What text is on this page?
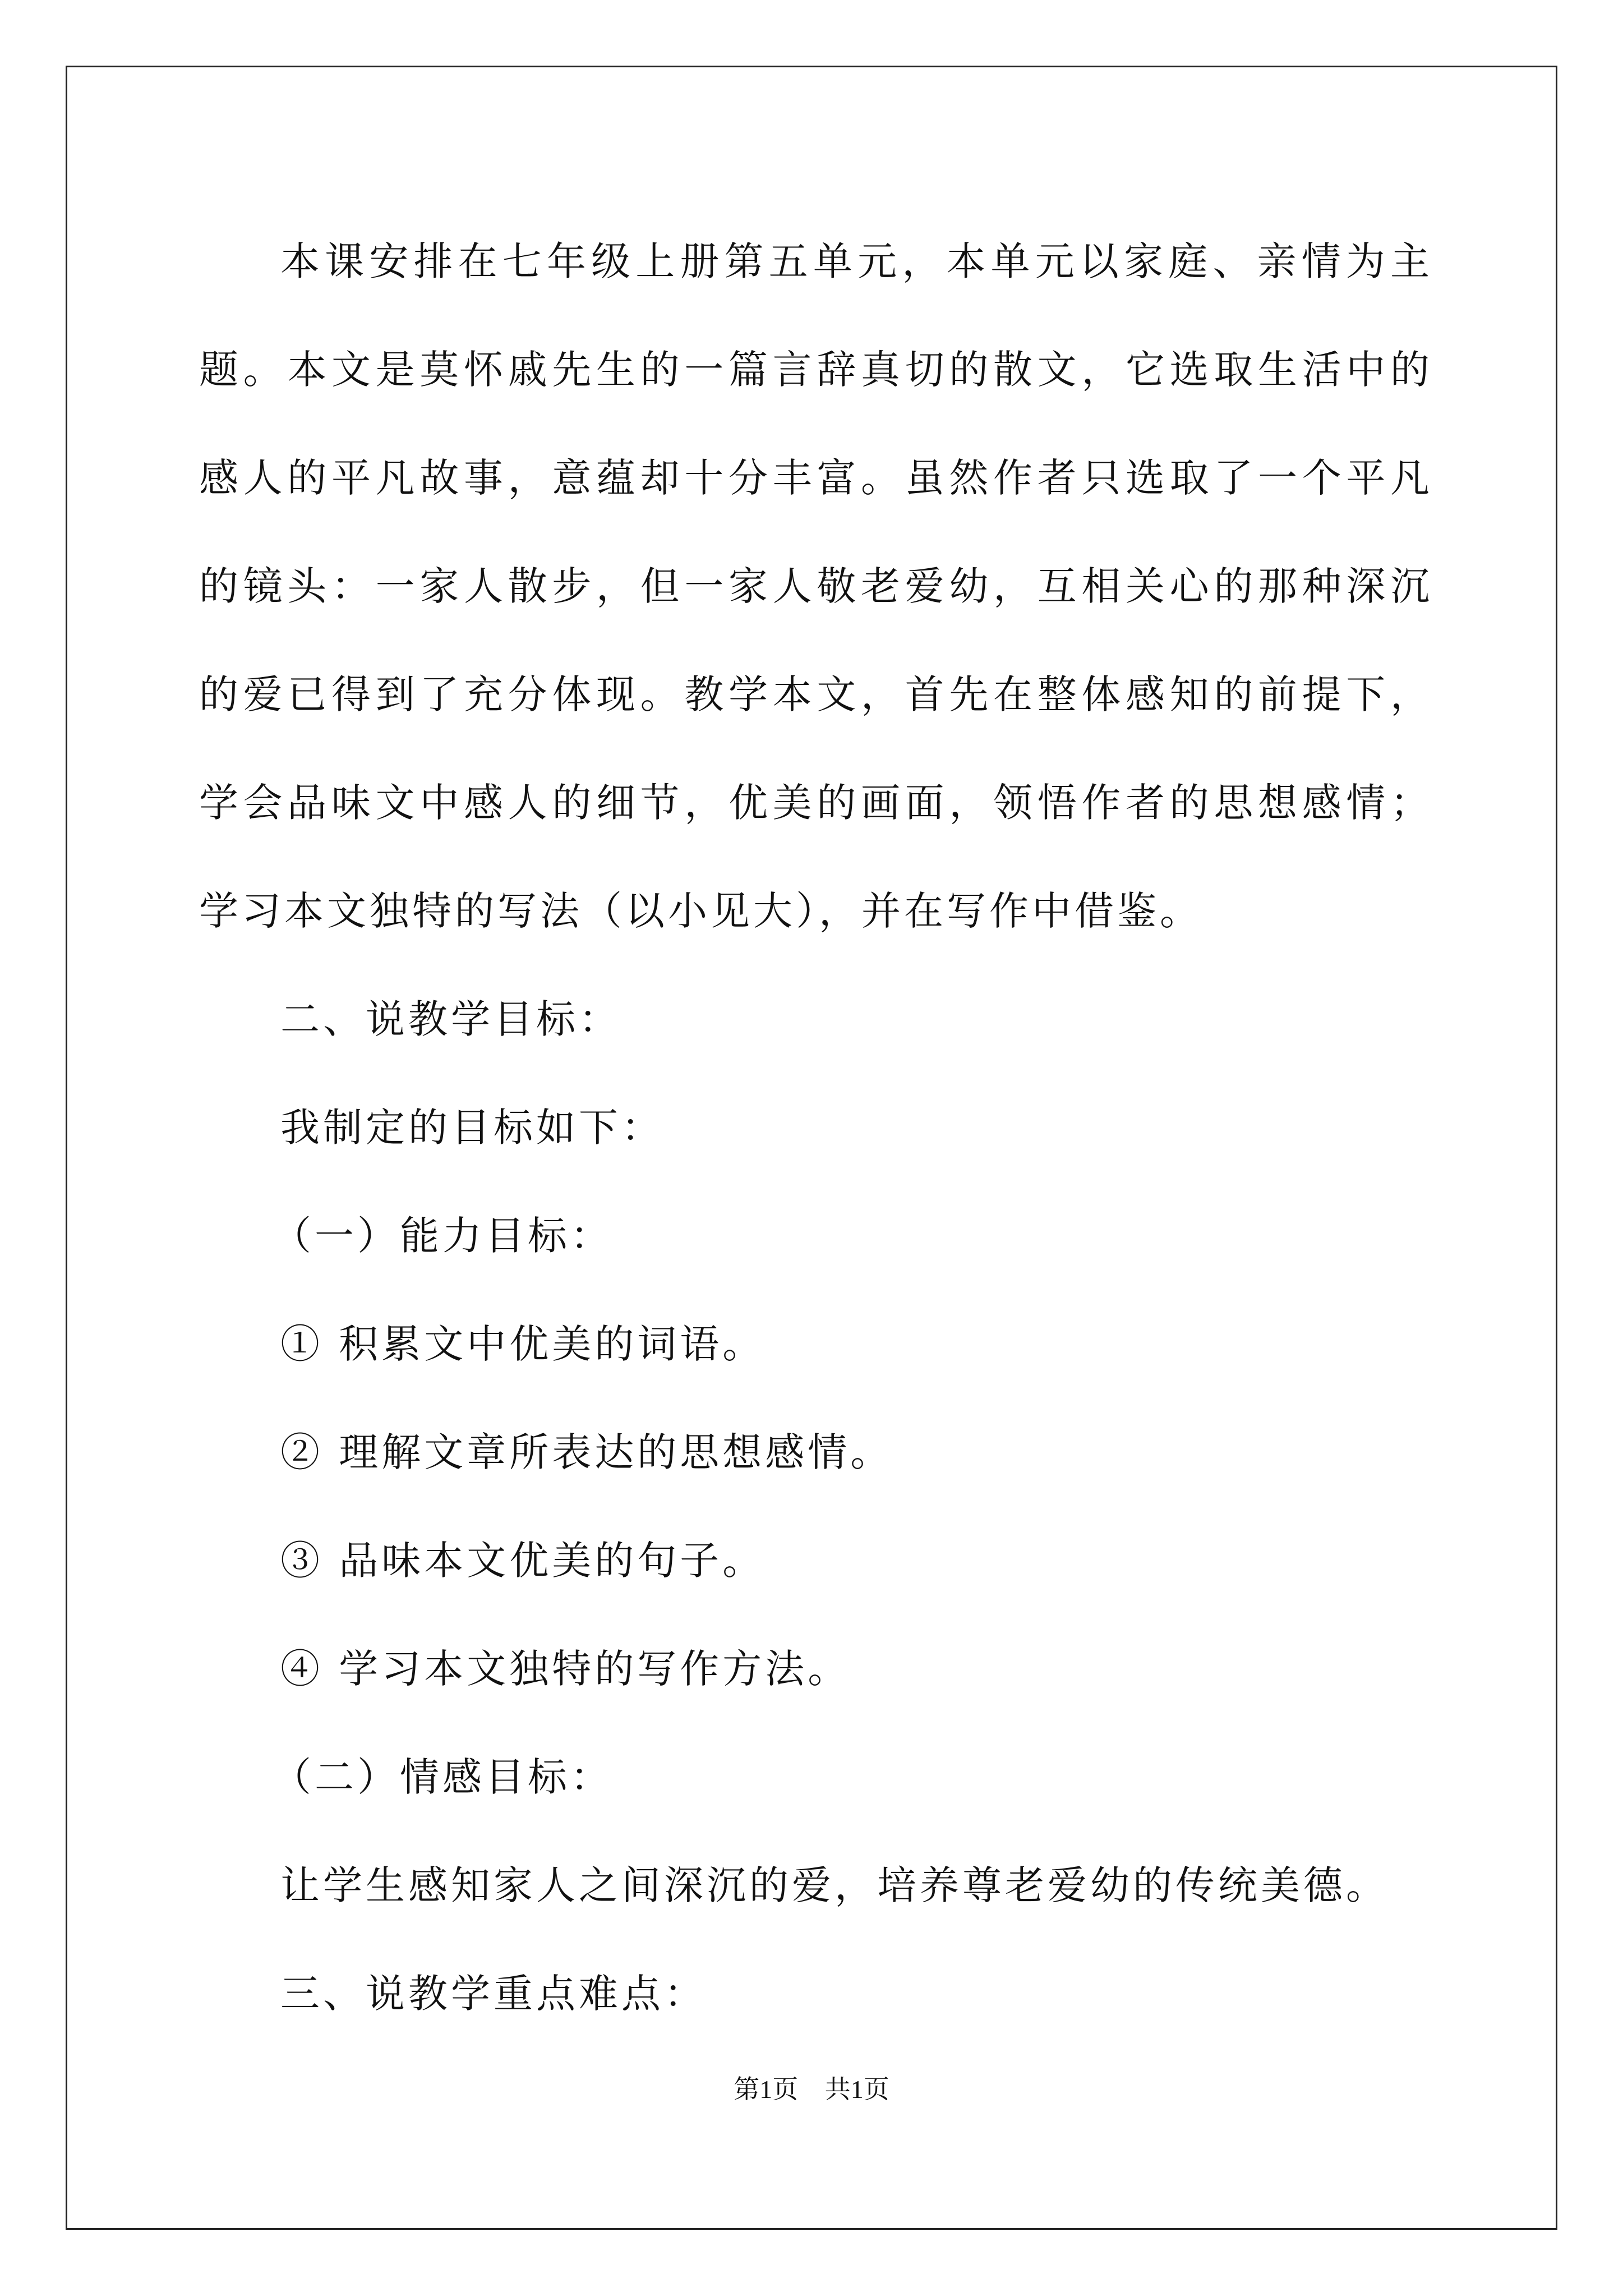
本课安排在七年级上册第五单元，本单元以家庭、亲情为主题。本文是莫怀戚先生的一篇言辞真切的散文，它选取生活中的感人的平凡故事，意蕴却十分丰富。虽然作者只选取了一个平凡的镜头：一家人散步，但一家人敬老爱幼，互相关心的那种深沉的爱已得到了充分体现。教学本文，首先在整体感知的前提下，学会品味文中感人的细节，优美的画面，领悟作者的思想感情；学习本文独特的写法（以小见大），并在写作中借鉴。

二、说教学目标：
我制定的目标如下：
（一）能力目标：
① 积累文中优美的词语。
② 理解文章所表达的思想感情。
③ 品味本文优美的句子。
④ 学习本文独特的写作方法。
（二）情感目标：
让学生感知家人之间深沉的爱，培养尊老爱幼的传统美德。
三、说教学重点难点：
第1页 共1页
